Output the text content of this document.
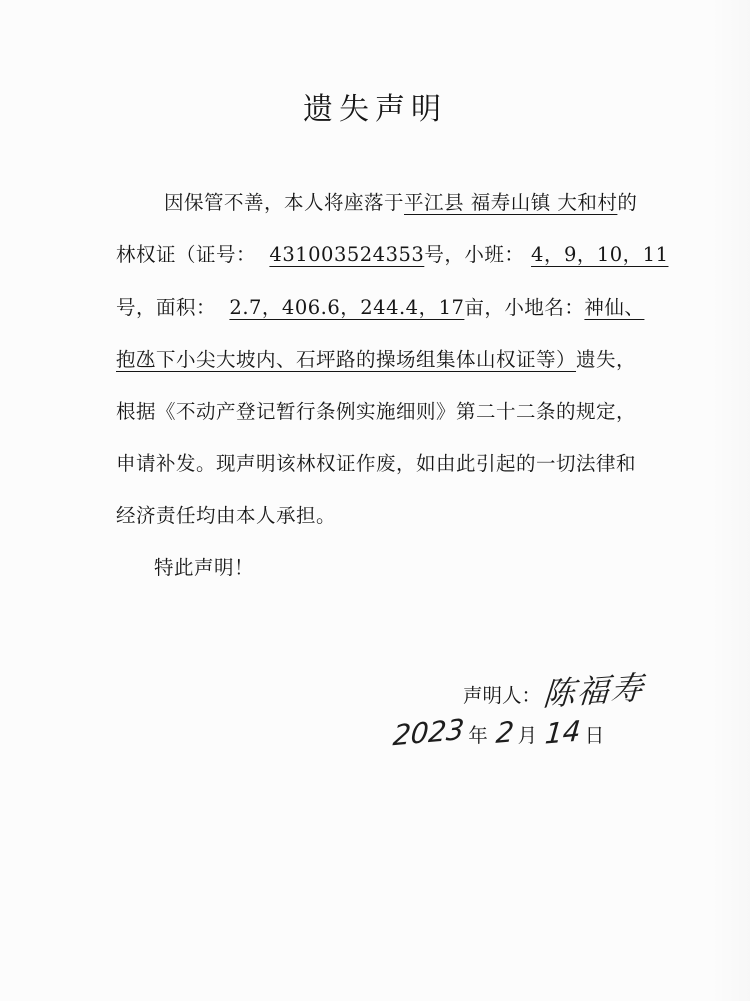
遗失声明
因保管不善，本人将座落于平江县 福寿山镇 大和村的
林权证（证号： 431003524353号，小班： 4，9，10，11
号，面积： 2.7，406.6，244.4，17亩，小地名：神仙、
抱氹下小尖大坡内、石坪路的操场组集体山权证等）遗失，
根据《不动产登记暂行条例实施细则》第二十二条的规定，
申请补发。现声明该林权证作废，如由此引起的一切法律和
经济责任均由本人承担。
特此声明！
声明人： 陈福寿
2023 年 2 月 14 日
